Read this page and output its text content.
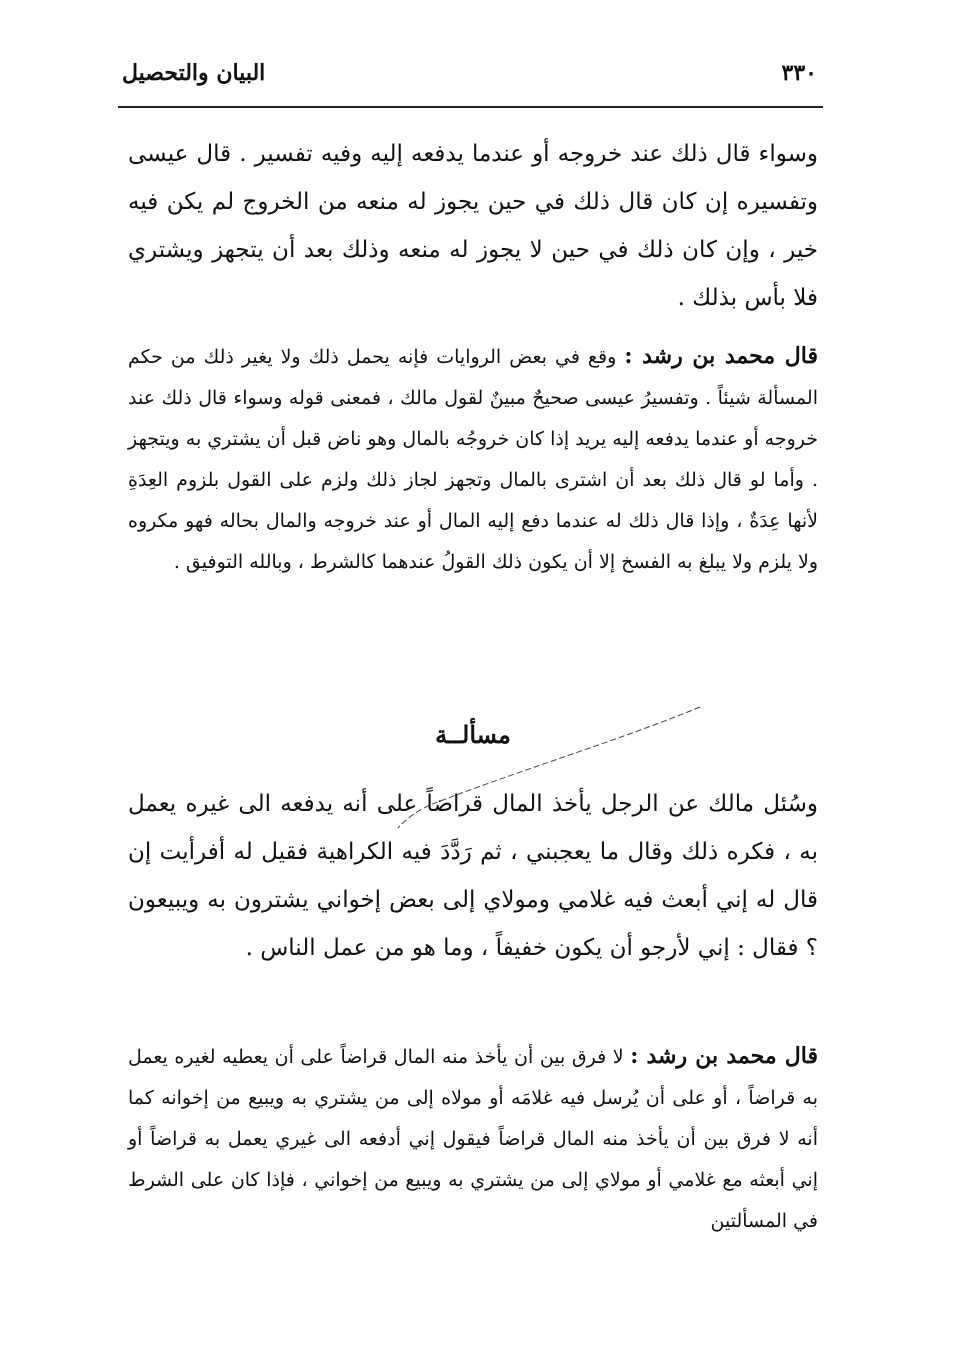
٣٣٠
البيان والتحصيل

وسواء قال ذلك عند خروجه أو عندما يدفعه إليه وفيه تفسير . قال عيسى وتفسيره إن كان قال ذلك في حين يجوز له منعه من الخروج لم يكن فيه خير ، وإن كان ذلك في حين لا يجوز له منعه وذلك بعد أن يتجهز ويشتري فلا بأس بذلك .

قال محمد بن رشد : وقع في بعض الروايات فإنه يحمل ذلك ولا يغير ذلك من حكم المسألة شيئاً . وتفسيرُ عيسى صحيحٌ مبينٌ لقول مالك ، فمعنى قوله وسواء قال ذلك عند خروجه أو عندما يدفعه إليه يريد إذا كان خروجُه بالمال وهو ناض قبل أن يشتري به ويتجهز . وأما لو قال ذلك بعد أن اشترى بالمال وتجهز لجاز ذلك ولزم على القول بلزوم العِدَةِ لأنها عِدَةٌ ، وإذا قال ذلك له عندما دفع إليه المال أو عند خروجه والمال بحاله فهو مكروه ولا يلزم ولا يبلغ به الفسخ إلا أن يكون ذلك القولُ عندهما كالشرط ، وبالله التوفيق .

مسألــة

وسُئل مالك عن الرجل يأخذ المال قراضاً على أنه يدفعه الى غيره يعمل به ، فكره ذلك وقال ما يعجبني ، ثم رَدَّدَ فيه الكراهية فقيل له أفرأيت إن قال له إني أبعث فيه غلامي ومولاي إلى بعض إخواني يشترون به ويبيعون ؟ فقال : إني لأرجو أن يكون خفيفاً ، وما هو من عمل الناس .

قال محمد بن رشد : لا فرق بين أن يأخذ منه المال قراضاً على أن يعطيه لغيره يعمل به قراضاً ، أو على أن يُرسل فيه غلامَه أو مولاه إلى من يشتري به ويبيع من إخوانه كما أنه لا فرق بين أن يأخذ منه المال قراضاً فيقول إني أدفعه الى غيري يعمل به قراضاً أو إني أبعثه مع غلامي أو مولاي إلى من يشتري به ويبيع من إخواني ، فإذا كان على الشرط في المسألتين
